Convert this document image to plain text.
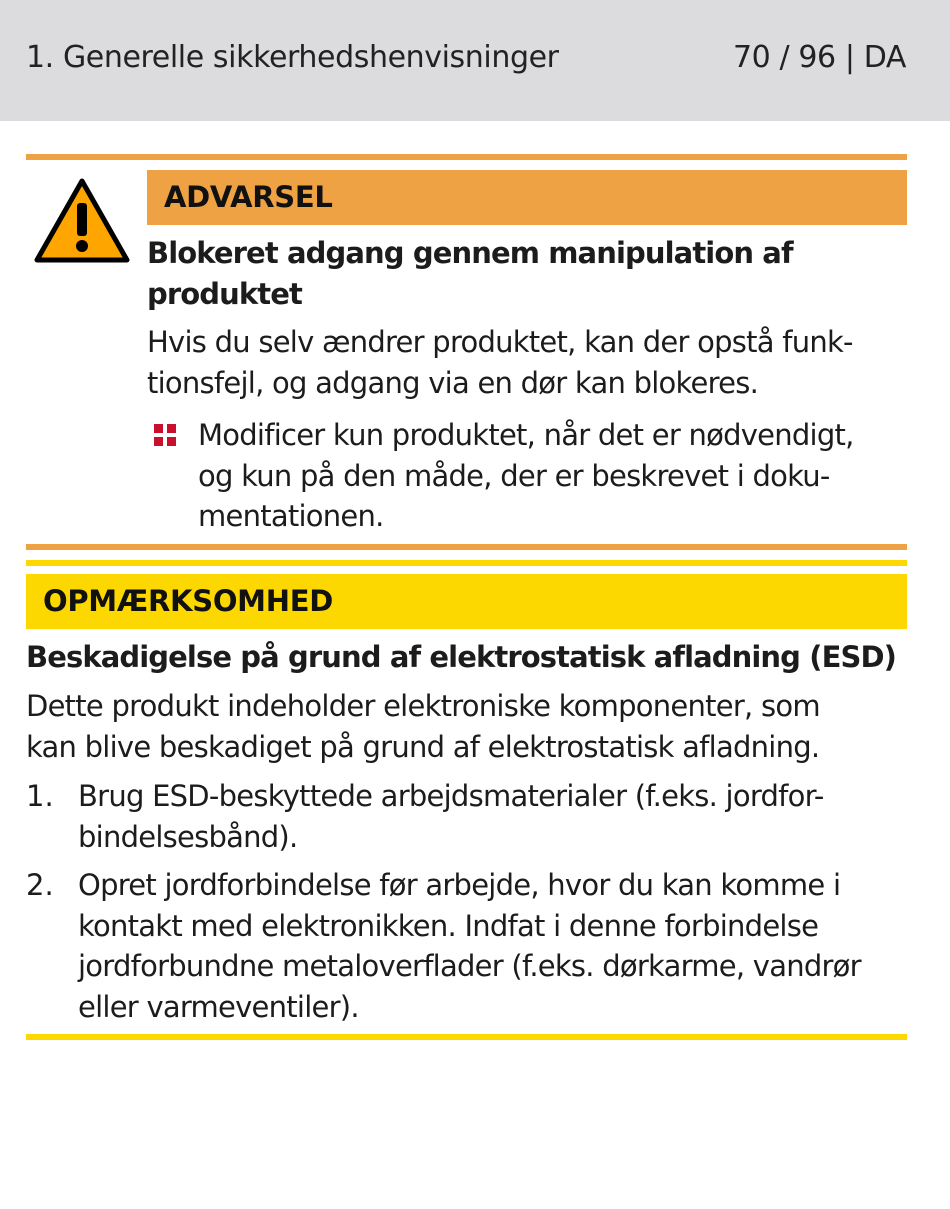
1. Generelle sikkerhedshenvisninger	70 / 96 | DA
ADVARSEL
Blokeret adgang gennem manipulation af
produktet
Hvis du selv ændrer produktet, kan der opstå funk-
tionsfejl, og adgang via en dør kan blokeres.
Modificer kun produktet, når det er nødvendigt,
og kun på den måde, der er beskrevet i doku-
mentationen.
OPMÆRKSOMHED
Beskadigelse på grund af elektrostatisk afladning (ESD)
Dette produkt indeholder elektroniske komponenter, som
kan blive beskadiget på grund af elektrostatisk afladning.
1. Brug ESD-beskyttede arbejdsmaterialer (f.eks. jordfor-
bindelsesbånd).
2. Opret jordforbindelse før arbejde, hvor du kan komme i
kontakt med elektronikken. Indfat i denne forbindelse
jordforbundne metaloverflader (f.eks. dørkarme, vandrør
eller varmeventiler).
